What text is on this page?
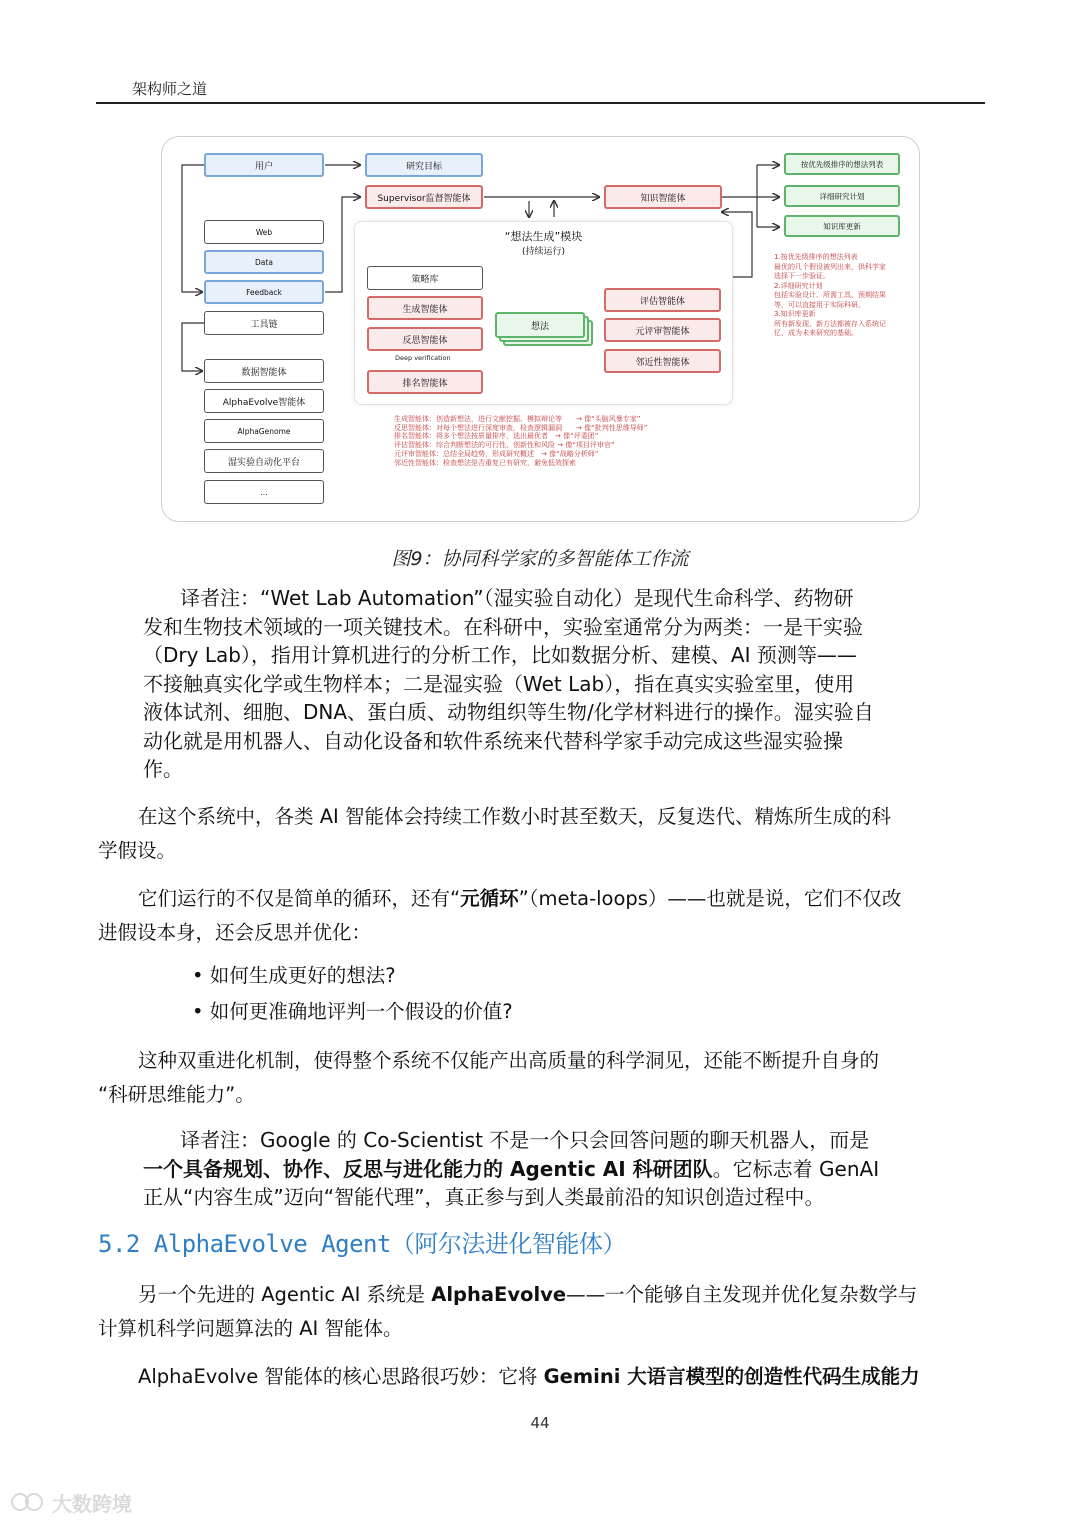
架构师之道
用户
Web
Data
Feedback
工具链
数据智能体
AlphaEvolve智能体
AlphaGenome
湿实验自动化平台
...
研究目标
Supervisor监督智能体	知识智能体
“想法生成”模块
(持续运行)
策略库
生成智能体
反思智能体
Deep verification
排名智能体
想法
评估智能体
元评审智能体
邻近性智能体
按优先级排序的想法列表
详细研究计划
知识库更新
1.按优先级排序的想法列表
最优的几个假设被列出来，供科学家
选择下一步验证。
2.详细研究计划
包括实验设计、所需工具、预期结果
等，可以直接用于实际科研。
3.知识库更新
所有新发现、新方法都被存入系统记
忆，成为未来研究的基础。
生成智能体：创造新想法，进行文献挖掘、模拟辩论等　　→ 像“头脑风暴专家”
反思智能体：对每个想法进行深度审查，检查逻辑漏洞　　→ 像“批判性思维导师”
排名智能体：将多个想法按质量排序，选出最优者　→ 像“评委团”
评估智能体：综合判断想法的可行性、创新性和风险 → 像“项目评审官”
元评审智能体：总结全局趋势，形成研究概述　→ 像“战略分析师”
邻近性智能体：检查想法是否重复已有研究，避免低效探索
图9：协同科学家的多智能体工作流
译者注：“Wet Lab Automation”（湿实验自动化）是现代生命科学、药物研
发和生物技术领域的一项关键技术。在科研中，实验室通常分为两类：一是干实验
（Dry Lab），指用计算机进行的分析工作，比如数据分析、建模、AI 预测等——
不接触真实化学或生物样本；二是湿实验（Wet Lab），指在真实实验室里，使用
液体试剂、细胞、DNA、蛋白质、动物组织等生物/化学材料进行的操作。湿实验自
动化就是用机器人、自动化设备和软件系统来代替科学家手动完成这些湿实验操
作。
在这个系统中，各类 AI 智能体会持续工作数小时甚至数天，反复迭代、精炼所生成的科
学假设。
它们运行的不仅是简单的循环，还有“元循环”（meta-loops）——也就是说，它们不仅改
进假设本身，还会反思并优化：
• 如何生成更好的想法?
• 如何更准确地评判一个假设的价值?
这种双重进化机制，使得整个系统不仅能产出高质量的科学洞见，还能不断提升自身的
“科研思维能力”。
译者注：Google 的 Co-Scientist 不是一个只会回答问题的聊天机器人，而是
一个具备规划、协作、反思与进化能力的 Agentic AI 科研团队。它标志着 GenAI
正从“内容生成”迈向“智能代理”，真正参与到人类最前沿的知识创造过程中。
5.2 AlphaEvolve Agent（阿尔法进化智能体）
另一个先进的 Agentic AI 系统是 AlphaEvolve——一个能够自主发现并优化复杂数学与
计算机科学问题算法的 AI 智能体。
AlphaEvolve 智能体的核心思路很巧妙：它将 Gemini 大语言模型的创造性代码生成能力
44
大数跨境
